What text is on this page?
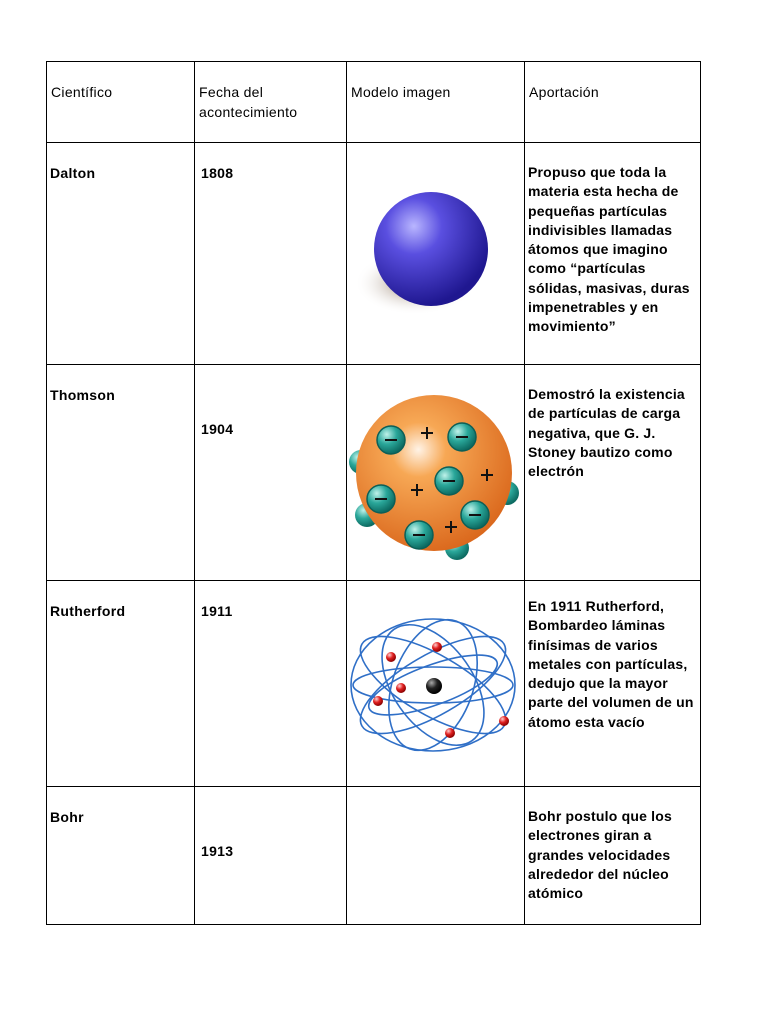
Científico	Fecha del acontecimiento	Modelo imagen	Aportación

Dalton	1808		Propuso que toda la materia esta hecha de pequeñas partículas indivisibles llamadas átomos que imagino como “partículas sólidas, masivas, duras impenetrables y en movimiento”

Thomson	1904		Demostró la existencia de partículas de carga negativa, que G. J. Stoney bautizo como electrón

Rutherford	1911		En 1911 Rutherford, Bombardeo láminas finísimas de varios metales con partículas, dedujo que la mayor parte del volumen de un átomo esta vacío

Bohr	1913		Bohr postulo que los electrones giran a grandes velocidades alrededor del núcleo atómico
